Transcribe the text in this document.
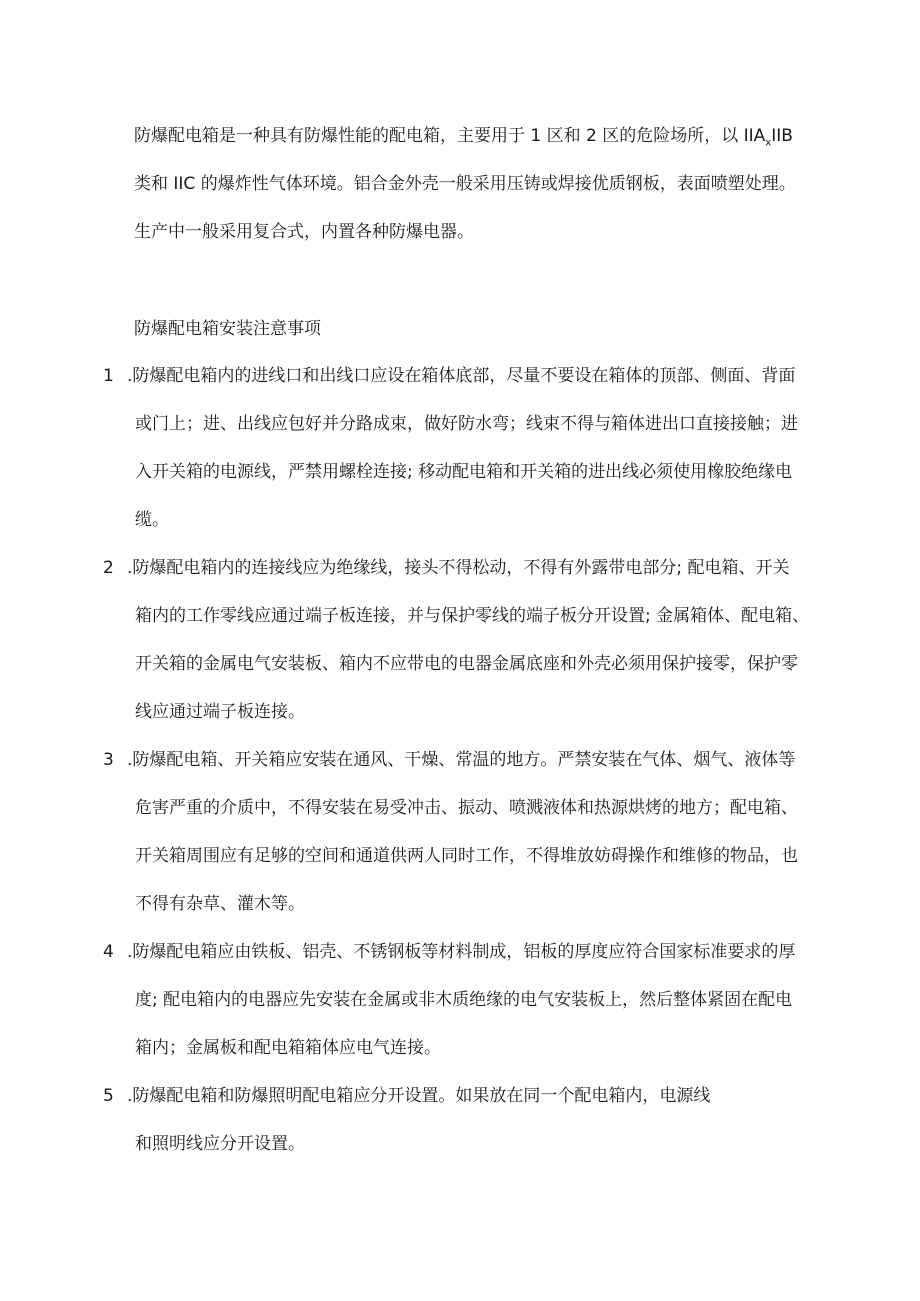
防爆配电箱是一种具有防爆性能的配电箱，主要用于 1 区和 2 区的危险场所，以 $IIA_xIIB$
类和 IIC 的爆炸性气体环境。铝合金外壳一般采用压铸或焊接优质钢板，表面喷塑处理。
生产中一般采用复合式，内置各种防爆电器。
防爆配电箱安装注意事项
1 .防爆配电箱内的进线口和出线口应设在箱体底部，尽量不要设在箱体的顶部、侧面、背面
或门上；进、出线应包好并分路成束，做好防水弯；线束不得与箱体进出口直接接触；进
入开关箱的电源线，严禁用螺栓连接; 移动配电箱和开关箱的进出线必须使用橡胶绝缘电
缆。
2 .防爆配电箱内的连接线应为绝缘线，接头不得松动，不得有外露带电部分; 配电箱、开关
箱内的工作零线应通过端子板连接，并与保护零线的端子板分开设置; 金属箱体、配电箱、
开关箱的金属电气安装板、箱内不应带电的电器金属底座和外壳必须用保护接零，保护零
线应通过端子板连接。
3 .防爆配电箱、开关箱应安装在通风、干燥、常温的地方。严禁安装在气体、烟气、液体等
危害严重的介质中，不得安装在易受冲击、振动、喷溅液体和热源烘烤的地方；配电箱、
开关箱周围应有足够的空间和通道供两人同时工作，不得堆放妨碍操作和维修的物品，也
不得有杂草、灌木等。
4 .防爆配电箱应由铁板、铝壳、不锈钢板等材料制成，铝板的厚度应符合国家标准要求的厚
度; 配电箱内的电器应先安装在金属或非木质绝缘的电气安装板上，然后整体紧固在配电
箱内；金属板和配电箱箱体应电气连接。
5 .防爆配电箱和防爆照明配电箱应分开设置。如果放在同一个配电箱内，电源线
和照明线应分开设置。
